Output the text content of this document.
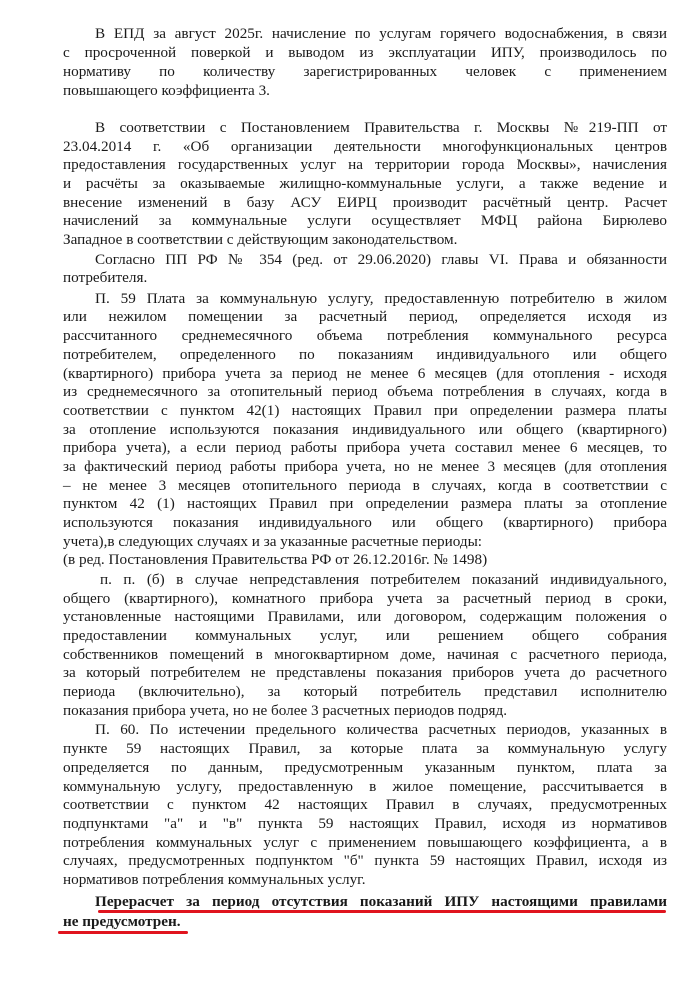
В ЕПД за август 2025г. начисление по услугам горячего водоснабжения, в связи
с просроченной поверкой и выводом из эксплуатации ИПУ, производилось по
нормативу по количеству зарегистрированных человек с применением
повышающего коэффициента 3.
В соответствии с Постановлением Правительства г. Москвы №219-ПП от
23.04.2014 г. «Об организации деятельности многофункциональных центров
предоставления государственных услуг на территории города Москвы», начисления
и расчёты за оказываемые жилищно-коммунальные услуги, а также ведение и
внесение изменений в базу АСУ ЕИРЦ производит расчётный центр. Расчет
начислений за коммунальные услуги осуществляет МФЦ района Бирюлево
Западное в соответствии с действующим законодательством.
Согласно ПП РФ № 354 (ред. от 29.06.2020) главы VI. Права и обязанности
потребителя.
П. 59 Плата за коммунальную услугу, предоставленную потребителю в жилом
или нежилом помещении за расчетный период, определяется исходя из
рассчитанного среднемесячного объема потребления коммунального ресурса
потребителем, определенного по показаниям индивидуального или общего
(квартирного) прибора учета за период не менее 6 месяцев (для отопления - исходя
из среднемесячного за отопительный период объема потребления в случаях, когда в
соответствии с пунктом 42(1) настоящих Правил при определении размера платы
за отопление используются показания индивидуального или общего (квартирного)
прибора учета), а если период работы прибора учета составил менее 6 месяцев, то
за фактический период работы прибора учета, но не менее 3 месяцев (для отопления
– не менее 3 месяцев отопительного периода в случаях, когда в соответствии с
пунктом 42 (1) настоящих Правил при определении размера платы за отопление
используются показания индивидуального или общего (квартирного) прибора
учета),в следующих случаях и за указанные расчетные периоды:
(в ред. Постановления Правительства РФ от 26.12.2016г. № 1498)
п. п. (б) в случае непредставления потребителем показаний индивидуального,
общего (квартирного), комнатного прибора учета за расчетный период в сроки,
установленные настоящими Правилами, или договором, содержащим положения о
предоставлении коммунальных услуг, или решением общего собрания
собственников помещений в многоквартирном доме, начиная с расчетного периода,
за который потребителем не представлены показания приборов учета до расчетного
периода (включительно), за который потребитель представил исполнителю
показания прибора учета, но не более 3 расчетных периодов подряд.
П. 60. По истечении предельного количества расчетных периодов, указанных в
пункте 59 настоящих Правил, за которые плата за коммунальную услугу
определяется по данным, предусмотренным указанным пунктом, плата за
коммунальную услугу, предоставленную в жилое помещение, рассчитывается в
соответствии с пунктом 42 настоящих Правил в случаях, предусмотренных
подпунктами "а" и "в" пункта 59 настоящих Правил, исходя из нормативов
потребления коммунальных услуг с применением повышающего коэффициента, а в
случаях, предусмотренных подпунктом "б" пункта 59 настоящих Правил, исходя из
нормативов потребления коммунальных услуг.
Перерасчет за период отсутствия показаний ИПУ настоящими правилами
не предусмотрен.
